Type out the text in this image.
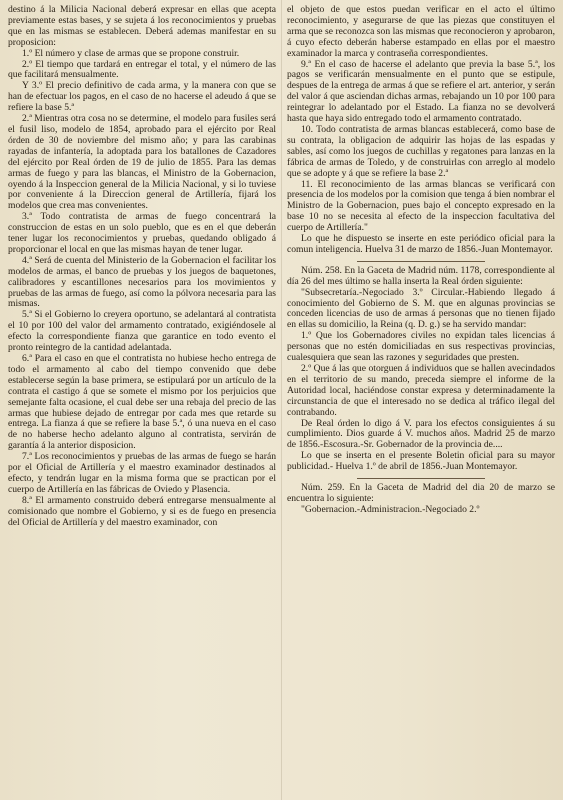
destino á la Milicia Nacional deberá expresar en ellas que acepta previamente estas bases, y se sujeta á los reconocimientos y pruebas que en las mismas se establecen. Deberá ademas manifestar en su proposicion:

1.º El número y clase de armas que se propone construir.

2.º El tiempo que tardará en entregar el total, y el número de las que facilitará mensualmente.

Y 3.º El precio definitivo de cada arma, y la manera con que se han de efectuar los pagos, en el caso de no hacerse el adeudo á que se refiere la base 5.ª

2.ª Mientras otra cosa no se determine, el modelo para fusiles será el fusil liso, modelo de 1854, aprobado para el ejército por Real órden de 30 de noviembre del mismo año; y para las carabinas rayadas de infantería, la adoptada para los batallones de Cazadores del ejército por Real órden de 19 de julio de 1855. Para las demas armas de fuego y para las blancas, el Ministro de la Gobernacion, oyendo á la Inspeccion general de la Milicia Nacional, y si lo tuviese por conveniente á la Direccion general de Artillería, fijará los modelos que crea mas convenientes.

3.ª Todo contratista de armas de fuego concentrará la construccion de estas en un solo pueblo, que es en el que deberán tener lugar los reconocimientos y pruebas, quedando obligado á proporcionar el local en que las mismas hayan de tener lugar.

4.ª Será de cuenta del Ministerio de la Gobernacion el facilitar los modelos de armas, el banco de pruebas y los juegos de baquetones, calibradores y escantillones necesarios para los movimientos y pruebas de las armas de fuego, así como la pólvora necesaria para las mismas.

5.ª Si el Gobierno lo creyera oportuno, se adelantará al contratista el 10 por 100 del valor del armamento contratado, exigiéndosele al efecto la correspondiente fianza que garantice en todo evento el pronto reintegro de la cantidad adelantada.

6.ª Para el caso en que el contratista no hubiese hecho entrega de todo el armamento al cabo del tiempo convenido que debe establecerse según la base primera, se estipulará por un artículo de la contrata el castigo á que se somete el mismo por los perjuicios que semejante falta ocasione, el cual debe ser una rebaja del precio de las armas que hubiese dejado de entregar por cada mes que retarde su entrega. La fianza á que se refiere la base 5.ª, ó una nueva en el caso de no haberse hecho adelanto alguno al contratista, servirán de garantía á la anterior disposicion.

7.ª Los reconocimientos y pruebas de las armas de fuego se harán por el Oficial de Artillería y el maestro examinador destinados al efecto, y tendrán lugar en la misma forma que se practican por el cuerpo de Artillería en las fábricas de Oviedo y Plasencia.

8.ª El armamento construido deberá entregarse mensualmente al comisionado que nombre el Gobierno, y si es de fuego en presencia del Oficial de Artillería y del maestro examinador, con

el objeto de que estos puedan verificar en el acto el último reconocimiento, y asegurarse de que las piezas que constituyen el arma que se reconozca son las mismas que reconocieron y aprobaron, á cuyo efecto deberán haberse estampado en ellas por el maestro examinador la marca y contraseña correspondientes.

9.ª En el caso de hacerse el adelanto que previa la base 5.ª, los pagos se verificarán mensualmente en el punto que se estipule, despues de la entrega de armas á que se refiere el art. anterior, y serán del valor á que asciendan dichas armas, rebajando un 10 por 100 para reintegrar lo adelantado por el Estado. La fianza no se devolverá hasta que haya sido entregado todo el armamento contratado.

10. Todo contratista de armas blancas establecerá, como base de su contrata, la obligacion de adquirir las hojas de las espadas y sables, así como los juegos de cuchillas y regatones para lanzas en la fábrica de armas de Toledo, y de construirlas con arreglo al modelo que se adopte y á que se refiere la base 2.ª

11. El reconocimiento de las armas blancas se verificará con presencia de los modelos por la comision que tenga á bien nombrar el Ministro de la Gobernacion, pues bajo el concepto expresado en la base 10 no se necesita al efecto de la inspeccion facultativa del cuerpo de Artillería."

Lo que he dispuesto se inserte en este periódico oficial para la comun inteligencia. Huelva 31 de marzo de 1856.-Juan Montemayor.

Núm. 258. En la Gaceta de Madrid núm. 1178, correspondiente al día 26 del mes último se halla inserta la Real órden siguiente:

"Subsecretaría.-Negociado 3.º Circular.-Habiendo llegado á conocimiento del Gobierno de S. M. que en algunas provincias se conceden licencias de uso de armas á personas que no tienen fijado en ellas su domicilio, la Reina (q. D. g.) se ha servido mandar:

1.º Que los Gobernadores civiles no expidan tales licencias á personas que no estén domiciliadas en sus respectivas provincias, cualesquiera que sean las razones y seguridades que presten.

2.º Que á las que otorguen á individuos que se hallen avecindados en el territorio de su mando, preceda siempre el informe de la Autoridad local, haciéndose constar expresa y determinadamente la circunstancia de que el interesado no se dedica al tráfico ilegal del contrabando.

De Real órden lo digo á V. para los efectos consiguientes á su cumplimiento. Dios guarde á V. muchos años. Madrid 25 de marzo de 1856.-Escosura.-Sr. Gobernador de la provincia de....

Lo que se inserta en el presente Boletin oficial para su mayor publicidad.- Huelva 1.º de abril de 1856.-Juan Montemayor.

Núm. 259. En la Gaceta de Madrid del dia 20 de marzo se encuentra lo siguiente:

"Gobernacion.-Administracion.-Negociado 2.º
